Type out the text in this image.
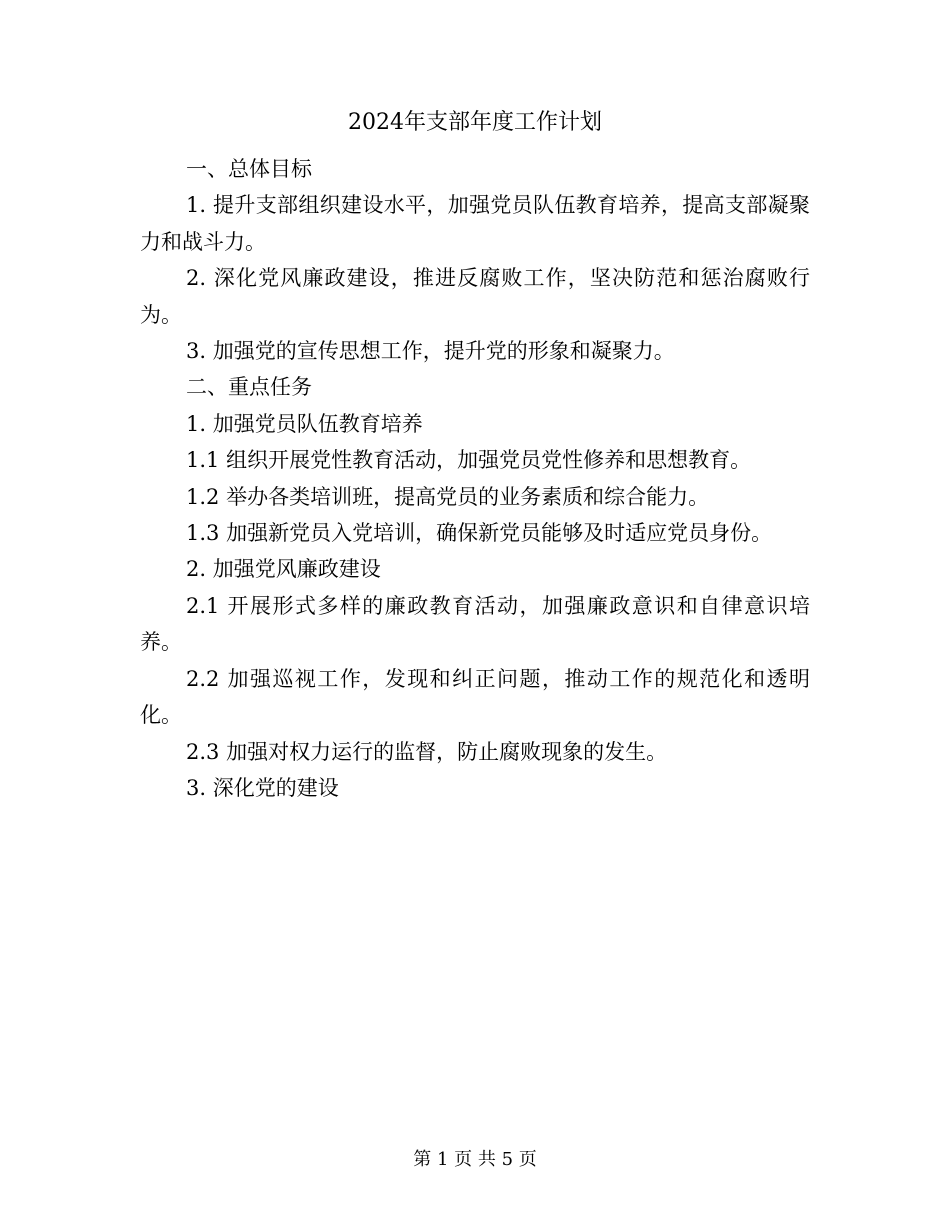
2024年支部年度工作计划

一、总体目标

1. 提升支部组织建设水平，加强党员队伍教育培养，提高支部凝聚力和战斗力。

2. 深化党风廉政建设，推进反腐败工作，坚决防范和惩治腐败行为。

3. 加强党的宣传思想工作，提升党的形象和凝聚力。

二、重点任务

1. 加强党员队伍教育培养

1.1 组织开展党性教育活动，加强党员党性修养和思想教育。

1.2 举办各类培训班，提高党员的业务素质和综合能力。

1.3 加强新党员入党培训，确保新党员能够及时适应党员身份。

2. 加强党风廉政建设

2.1 开展形式多样的廉政教育活动，加强廉政意识和自律意识培养。

2.2 加强巡视工作，发现和纠正问题，推动工作的规范化和透明化。

2.3 加强对权力运行的监督，防止腐败现象的发生。

3. 深化党的建设

第 1 页 共 5 页
